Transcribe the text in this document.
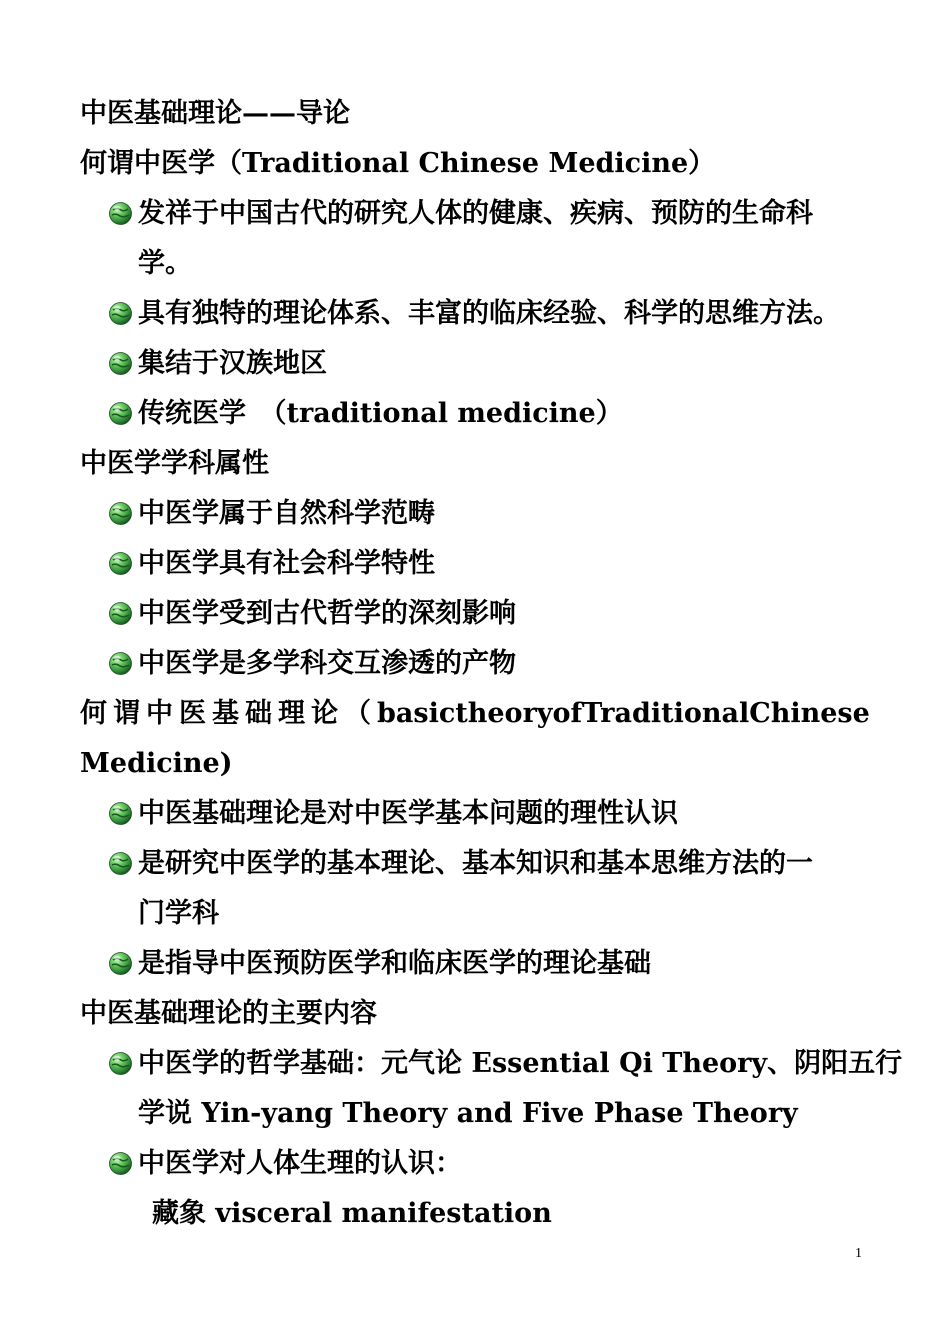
中医基础理论——导论
何谓中医学（Traditional Chinese Medicine）
发祥于中国古代的研究人体的健康、疾病、预防的生命科
学。
具有独特的理论体系、丰富的临床经验、科学的思维方法。
集结于汉族地区
传统医学　（traditional medicine）
中医学学科属性
中医学属于自然科学范畴
中医学具有社会科学特性
中医学受到古代哲学的深刻影响
中医学是多学科交互渗透的产物
何谓中医基础理论（ basic theory of Traditional Chinese
Medicine)
中医基础理论是对中医学基本问题的理性认识
是研究中医学的基本理论、基本知识和基本思维方法的一
门学科
是指导中医预防医学和临床医学的理论基础
中医基础理论的主要内容
中医学的哲学基础：元气论 Essential Qi Theory、阴阳五行
学说 Yin-yang Theory and Five Phase Theory
中医学对人体生理的认识：
藏象 visceral manifestation
1
